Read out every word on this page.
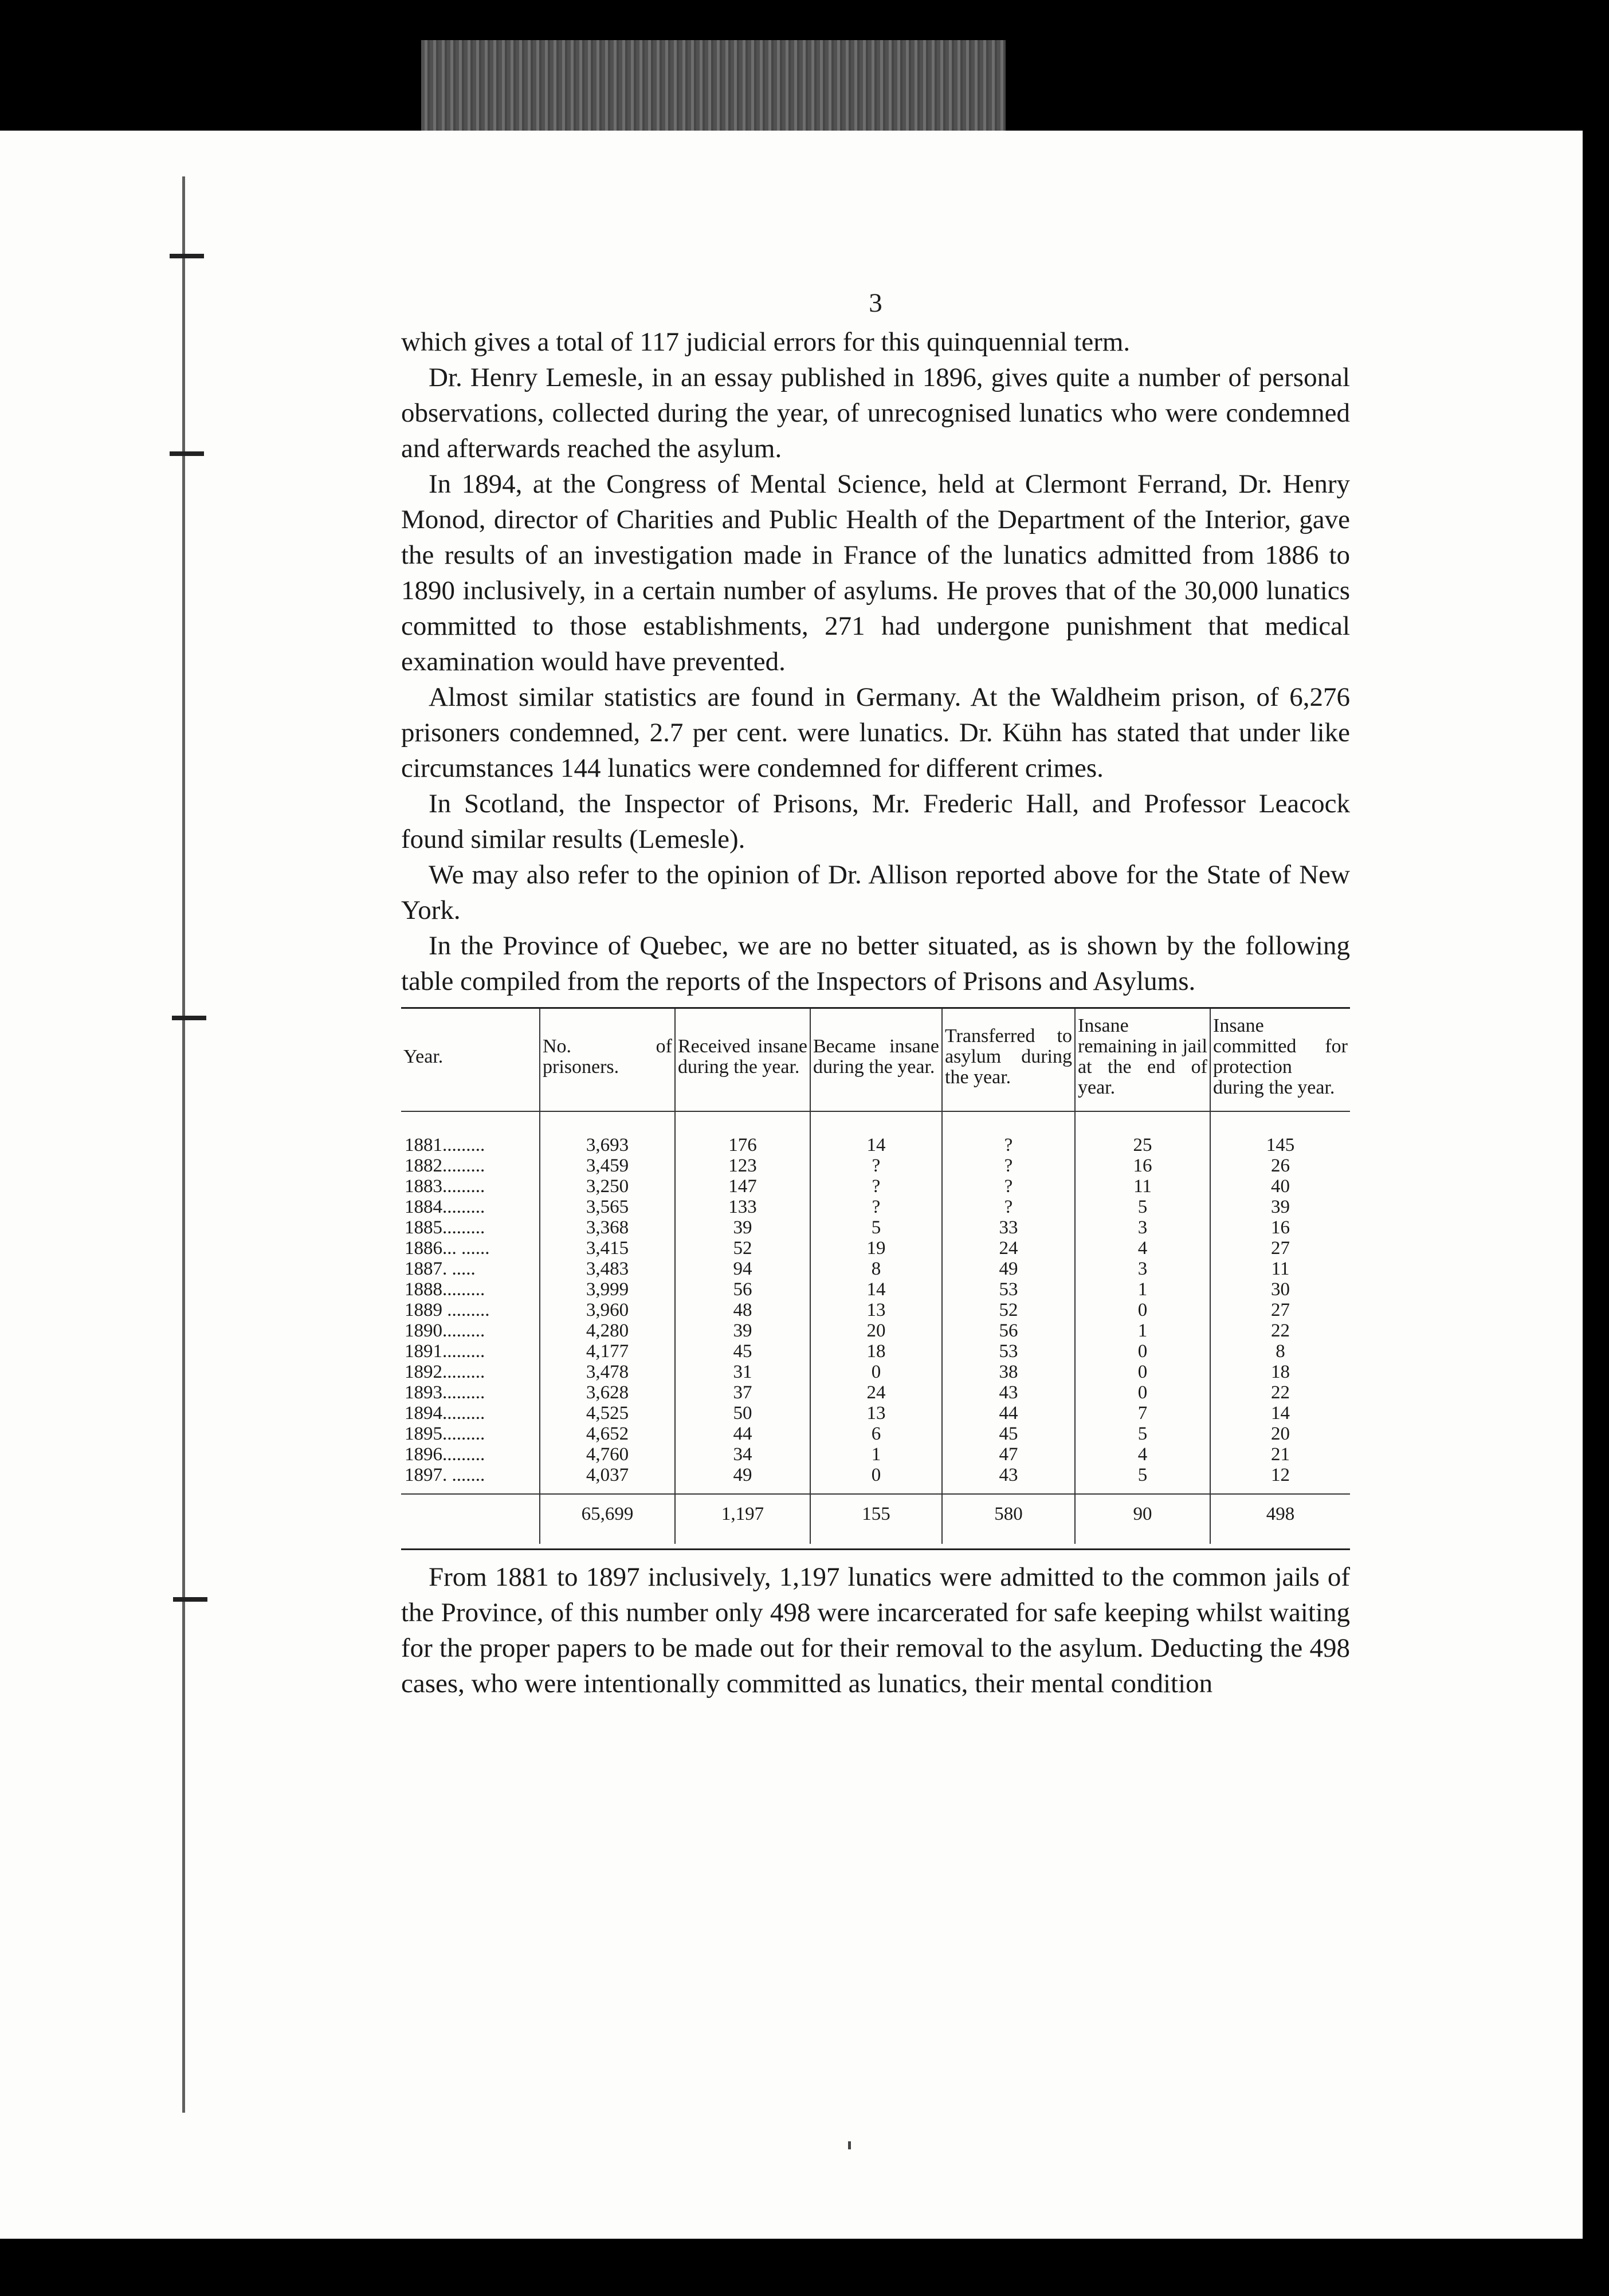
3

which gives a total of 117 judicial errors for this quinquennial term.

Dr. Henry Lemesle, in an essay published in 1896, gives quite a number of personal observations, collected during the year, of unrecognised lunatics who were condemned and afterwards reached the asylum.

In 1894, at the Congress of Mental Science, held at Clermont Ferrand, Dr. Henry Monod, director of Charities and Public Health of the Department of the Interior, gave the results of an investigation made in France of the lunatics admitted from 1886 to 1890 inclusively, in a certain number of asylums. He proves that of the 30,000 lunatics committed to those establishments, 271 had undergone punishment that medical examination would have prevented.

Almost similar statistics are found in Germany. At the Waldheim prison, of 6,276 prisoners condemned, 2.7 per cent. were lunatics. Dr. Kühn has stated that under like circumstances 144 lunatics were condemned for different crimes.

In Scotland, the Inspector of Prisons, Mr. Frederic Hall, and Professor Leacock found similar results (Lemesle).

We may also refer to the opinion of Dr. Allison reported above for the State of New York.

In the Province of Quebec, we are no better situated, as is shown by the following table compiled from the reports of the Inspectors of Prisons and Asylums.

Year.	No. of prisoners.	Received insane during the year.	Became insane during the year.	Transferred to asylum during the year.	Insane remaining in jail at the end of year.	Insane committed for protection during the year.
1881.........	3,693	176	14	?	25	145
1882.........	3,459	123	?	?	16	26
1883.........	3,250	147	?	?	11	40
1884.........	3,565	133	?	?	5	39
1885.........	3,368	39	5	33	3	16
1886... ......	3,415	52	19	24	4	27
1887. .....	3,483	94	8	49	3	11
1888.........	3,999	56	14	53	1	30
1889 .........	3,960	48	13	52	0	27
1890.........	4,280	39	20	56	1	22
1891.........	4,177	45	18	53	0	8
1892.........	3,478	31	0	38	0	18
1893.........	3,628	37	24	43	0	22
1894.........	4,525	50	13	44	7	14
1895.........	4,652	44	6	45	5	20
1896.........	4,760	34	1	47	4	21
1897. .......	4,037	49	0	43	5	12
	65,699	1,197	155	580	90	498

From 1881 to 1897 inclusively, 1,197 lunatics were admitted to the common jails of the Province, of this number only 498 were incarcerated for safe keeping whilst waiting for the proper papers to be made out for their removal to the asylum. Deducting the 498 cases, who were intentionally committed as lunatics, their mental condition
